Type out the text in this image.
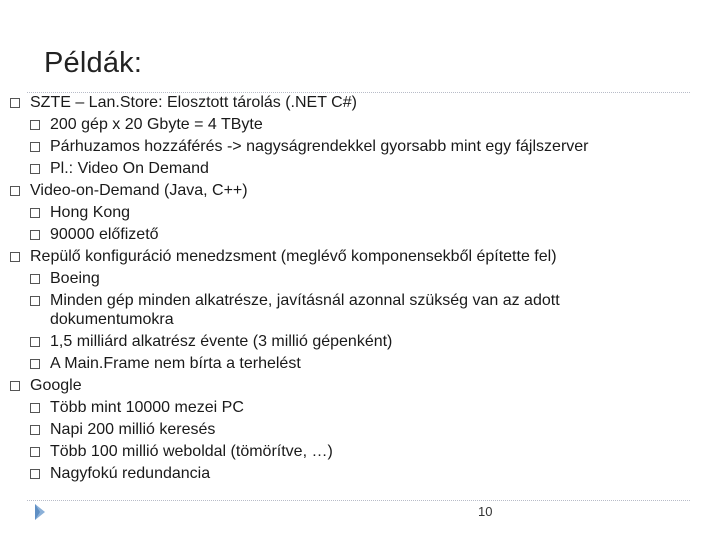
Példák:
SZTE – Lan.Store: Elosztott tárolás (.NET C#)
200 gép x 20 Gbyte = 4 TByte
Párhuzamos hozzáférés -> nagyságrendekkel gyorsabb mint egy fájlszerver
Pl.: Video On Demand
Video-on-Demand (Java, C++)
Hong Kong
90000 előfizető
Repülő konfiguráció menedzsment (meglévő komponensekből építette fel)
Boeing
Minden gép minden alkatrésze, javításnál azonnal szükség van az adott
dokumentumokra
1,5 milliárd alkatrész évente (3 millió gépenként)
A Main.Frame nem bírta a terhelést
Google
Több mint 10000 mezei PC
Napi 200 millió keresés
Több 100 millió weboldal (tömörítve, …)
Nagyfokú redundancia
10
